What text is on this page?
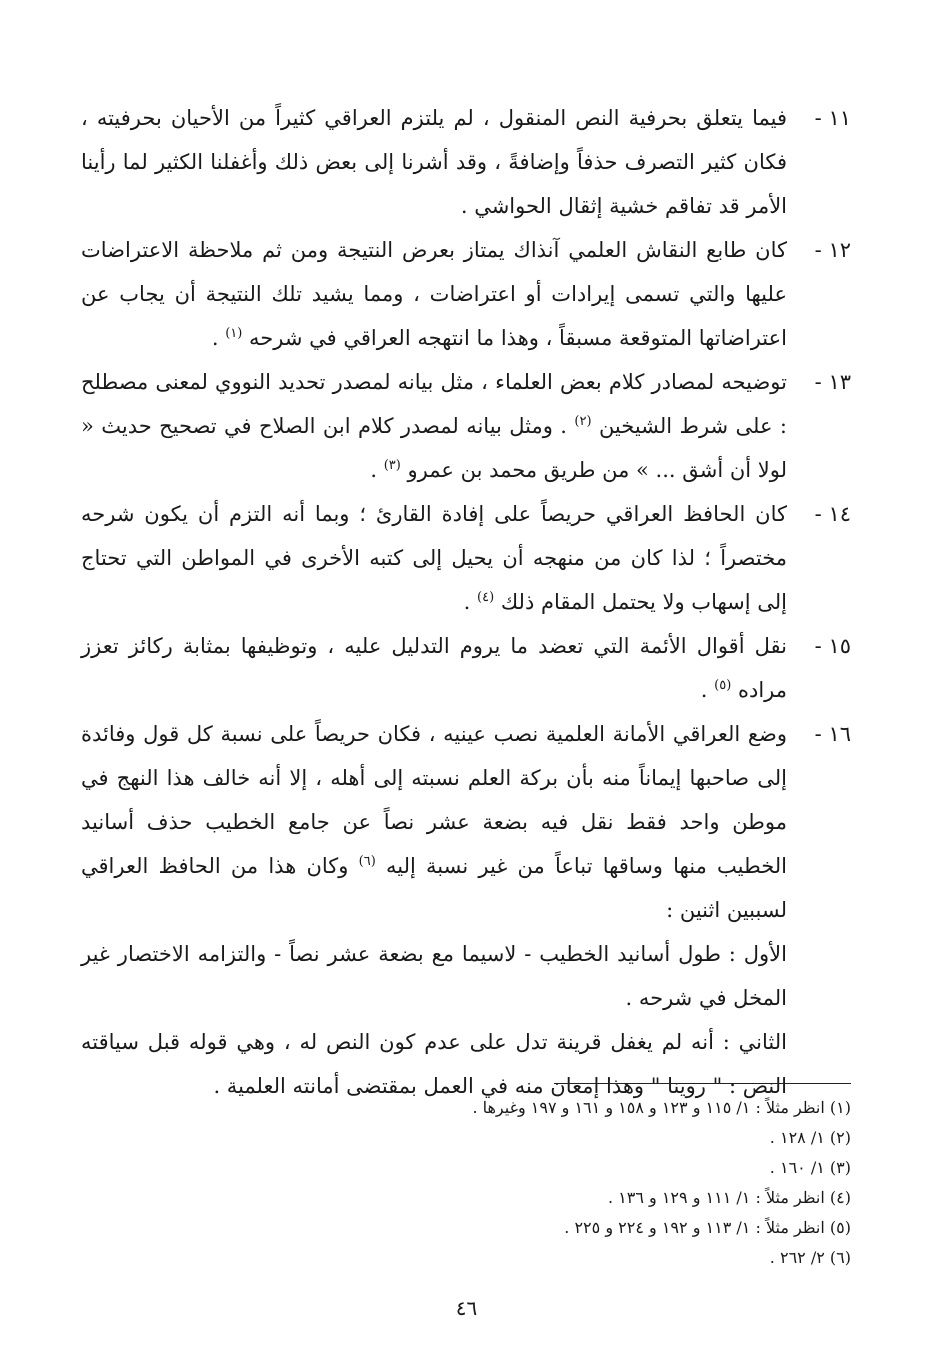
١١ -
فيما يتعلق بحرفية النص المنقول ، لم يلتزم العراقي كثيراً من الأحيان بحرفيته ، فكان كثير التصرف حذفاً وإضافةً ، وقد أشرنا إلى بعض ذلك وأغفلنا الكثير لما رأينا الأمر قد تفاقم خشية إثقال الحواشي .

١٢ -
كان طابع النقاش العلمي آنذاك يمتاز بعرض النتيجة ومن ثم ملاحظة الاعتراضات عليها والتي تسمى إيرادات أو اعتراضات ، ومما يشيد تلك النتيجة أن يجاب عن اعتراضاتها المتوقعة مسبقاً ، وهذا ما انتهجه العراقي في شرحه $^{(١)}$ .

١٣ -
توضيحه لمصادر كلام بعض العلماء ، مثل بيانه لمصدر تحديد النووي لمعنى مصطلح : على شرط الشيخين $^{(٢)}$ . ومثل بيانه لمصدر كلام ابن الصلاح في تصحيح حديث « لولا أن أشق ... » من طريق محمد بن عمرو $^{(٣)}$ .

١٤ -
كان الحافظ العراقي حريصاً على إفادة القارئ ؛ وبما أنه التزم أن يكون شرحه مختصراً ؛ لذا كان من منهجه أن يحيل إلى كتبه الأخرى في المواطن التي تحتاج إلى إسهاب ولا يحتمل المقام ذلك $^{(٤)}$ .

١٥ -
نقل أقوال الأئمة التي تعضد ما يروم التدليل عليه ، وتوظيفها بمثابة ركائز تعزز مراده $^{(٥)}$ .

١٦ -
وضع العراقي الأمانة العلمية نصب عينيه ، فكان حريصاً على نسبة كل قول وفائدة إلى صاحبها إيماناً منه بأن بركة العلم نسبته إلى أهله ، إلا أنه خالف هذا النهج في موطن واحد فقط نقل فيه بضعة عشر نصاً عن جامع الخطيب حذف أسانيد الخطيب منها وساقها تباعاً من غير نسبة إليه $^{(٦)}$ وكان هذا من الحافظ العراقي لسببين اثنين :

الأول : طول أسانيد الخطيب - لاسيما مع بضعة عشر نصاً - والتزامه الاختصار غير المخل في شرحه .

الثاني : أنه لم يغفل قرينة تدل على عدم كون النص له ، وهي قوله قبل سياقته النص : " روينا " وهذا إمعان منه في العمل بمقتضى أمانته العلمية .

(١) انظر مثلاً : ١/ ١١٥ و ١٢٣ و ١٥٨ و ١٦١ و ١٩٧ وغيرها .

(٢) ١/ ١٢٨ .

(٣) ١/ ١٦٠ .

(٤) انظر مثلاً : ١/ ١١١ و ١٢٩ و ١٣٦ .

(٥) انظر مثلاً : ١/ ١١٣ و ١٩٢ و ٢٢٤ و ٢٢٥ .

(٦) ٢/ ٢٦٢ .

٤٦
